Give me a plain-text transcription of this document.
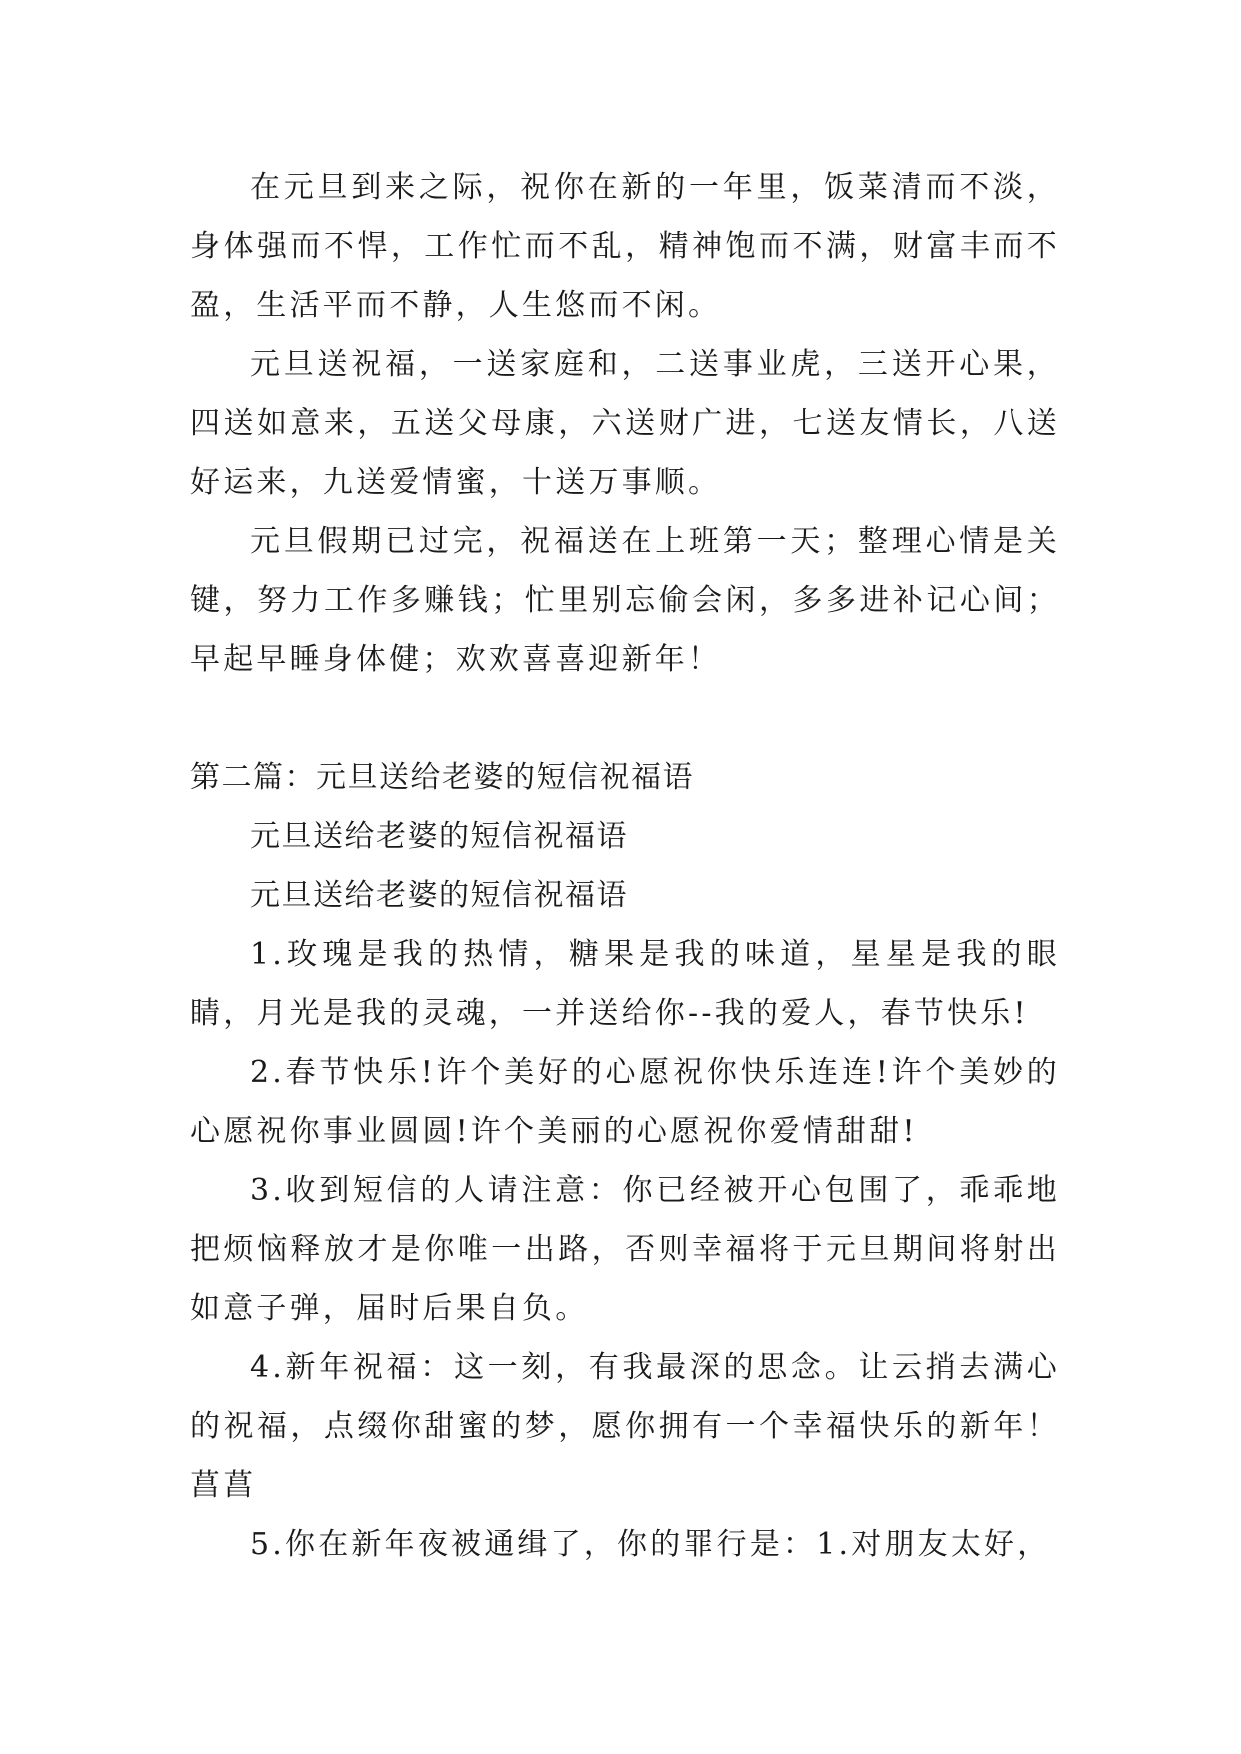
在元旦到来之际，祝你在新的一年里，饭菜清而不淡，身体强而不悍，工作忙而不乱，精神饱而不满，财富丰而不盈，生活平而不静，人生悠而不闲。

元旦送祝福，一送家庭和，二送事业虎，三送开心果，四送如意来，五送父母康，六送财广进，七送友情长，八送好运来，九送爱情蜜，十送万事顺。

元旦假期已过完，祝福送在上班第一天；整理心情是关键，努力工作多赚钱；忙里别忘偷会闲，多多进补记心间；早起早睡身体健；欢欢喜喜迎新年！

第二篇：元旦送给老婆的短信祝福语

元旦送给老婆的短信祝福语

元旦送给老婆的短信祝福语

1.玫瑰是我的热情，糖果是我的味道，星星是我的眼睛，月光是我的灵魂，一并送给你--我的爱人，春节快乐!

2.春节快乐!许个美好的心愿祝你快乐连连!许个美妙的心愿祝你事业圆圆!许个美丽的心愿祝你爱情甜甜!

3.收到短信的人请注意：你已经被开心包围了，乖乖地把烦恼释放才是你唯一出路，否则幸福将于元旦期间将射出如意子弹，届时后果自负。

4.新年祝福：这一刻，有我最深的思念。让云捎去满心的祝福，点缀你甜蜜的梦，愿你拥有一个幸福快乐的新年！菖菖

5.你在新年夜被通缉了，你的罪行是：1.对朋友太好，
